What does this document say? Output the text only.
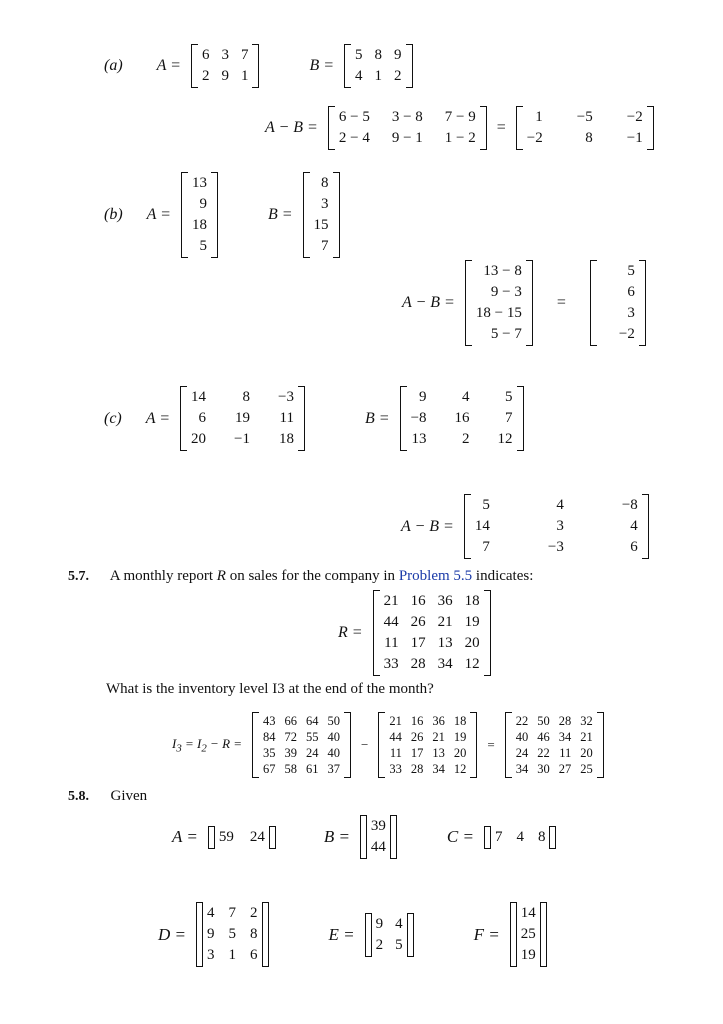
(a) A =
6 3 7
2 9 1
B =
5 8 9
4 1 2
A − B =
6 − 5 3 − 8 7 − 9
2 − 4 9 − 1 1 − 2
=
1 −5 −2
−2	8 −1
(b) A =
13
9
18
5
B =
8
3
15
7
A − B =
13 − 8
9 − 3
18 − 15
5 − 7
=
5
6
3
−2
(c) A =
14	8 −3
6 19 11
20 −1 18
B =
9	4	5
−8 16	7
13	2 12
A − B =
5	4	−8
14	3	4
7	−3	6
5.7. A monthly report R on sales for the company in Problem 5.5 indicates:
R =
21 16 36 18
44 26 21 19
11 17 13 20
33 28 34 12
What is the inventory level I3 at the end of the month?
$I_3 = I_2 - R$ =
43 66 64 50
84 72 55 40
35 39 24 40
67 58 61 37
−
21 16 36 18
44 26 21 19
11 17 13 20
33 28 34 12
=
22 50 28 32
40 46 34 21
24 22 11 20
34 30 27 25
5.8. Given
A = 59 24	B =
39
44
C = 7 4 8
D =
4 7 2
9 5 8
3 1 6
E =
9 4
2 5
F =
14
25
19
